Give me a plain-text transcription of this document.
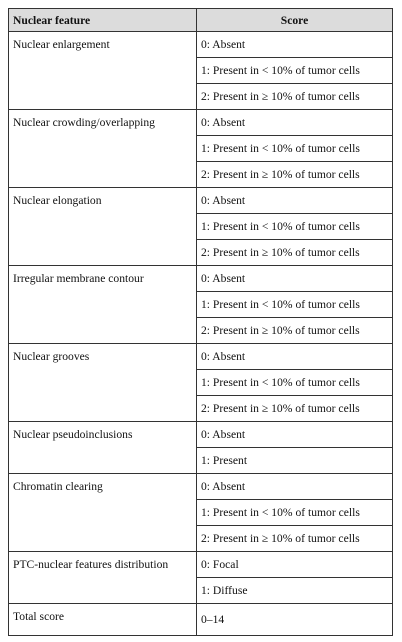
Nuclear feature	Score
Nuclear enlargement	0: Absent
	1: Present in < 10% of tumor cells
	2: Present in ≥ 10% of tumor cells
Nuclear crowding/overlapping	0: Absent
	1: Present in < 10% of tumor cells
	2: Present in ≥ 10% of tumor cells
Nuclear elongation	0: Absent
	1: Present in < 10% of tumor cells
	2: Present in ≥ 10% of tumor cells
Irregular membrane contour	0: Absent
	1: Present in < 10% of tumor cells
	2: Present in ≥ 10% of tumor cells
Nuclear grooves	0: Absent
	1: Present in < 10% of tumor cells
	2: Present in ≥ 10% of tumor cells
Nuclear pseudoinclusions	0: Absent
	1: Present
Chromatin clearing	0: Absent
	1: Present in < 10% of tumor cells
	2: Present in ≥ 10% of tumor cells
PTC-nuclear features distribution	0: Focal
	1: Diffuse
Total score	0–14
